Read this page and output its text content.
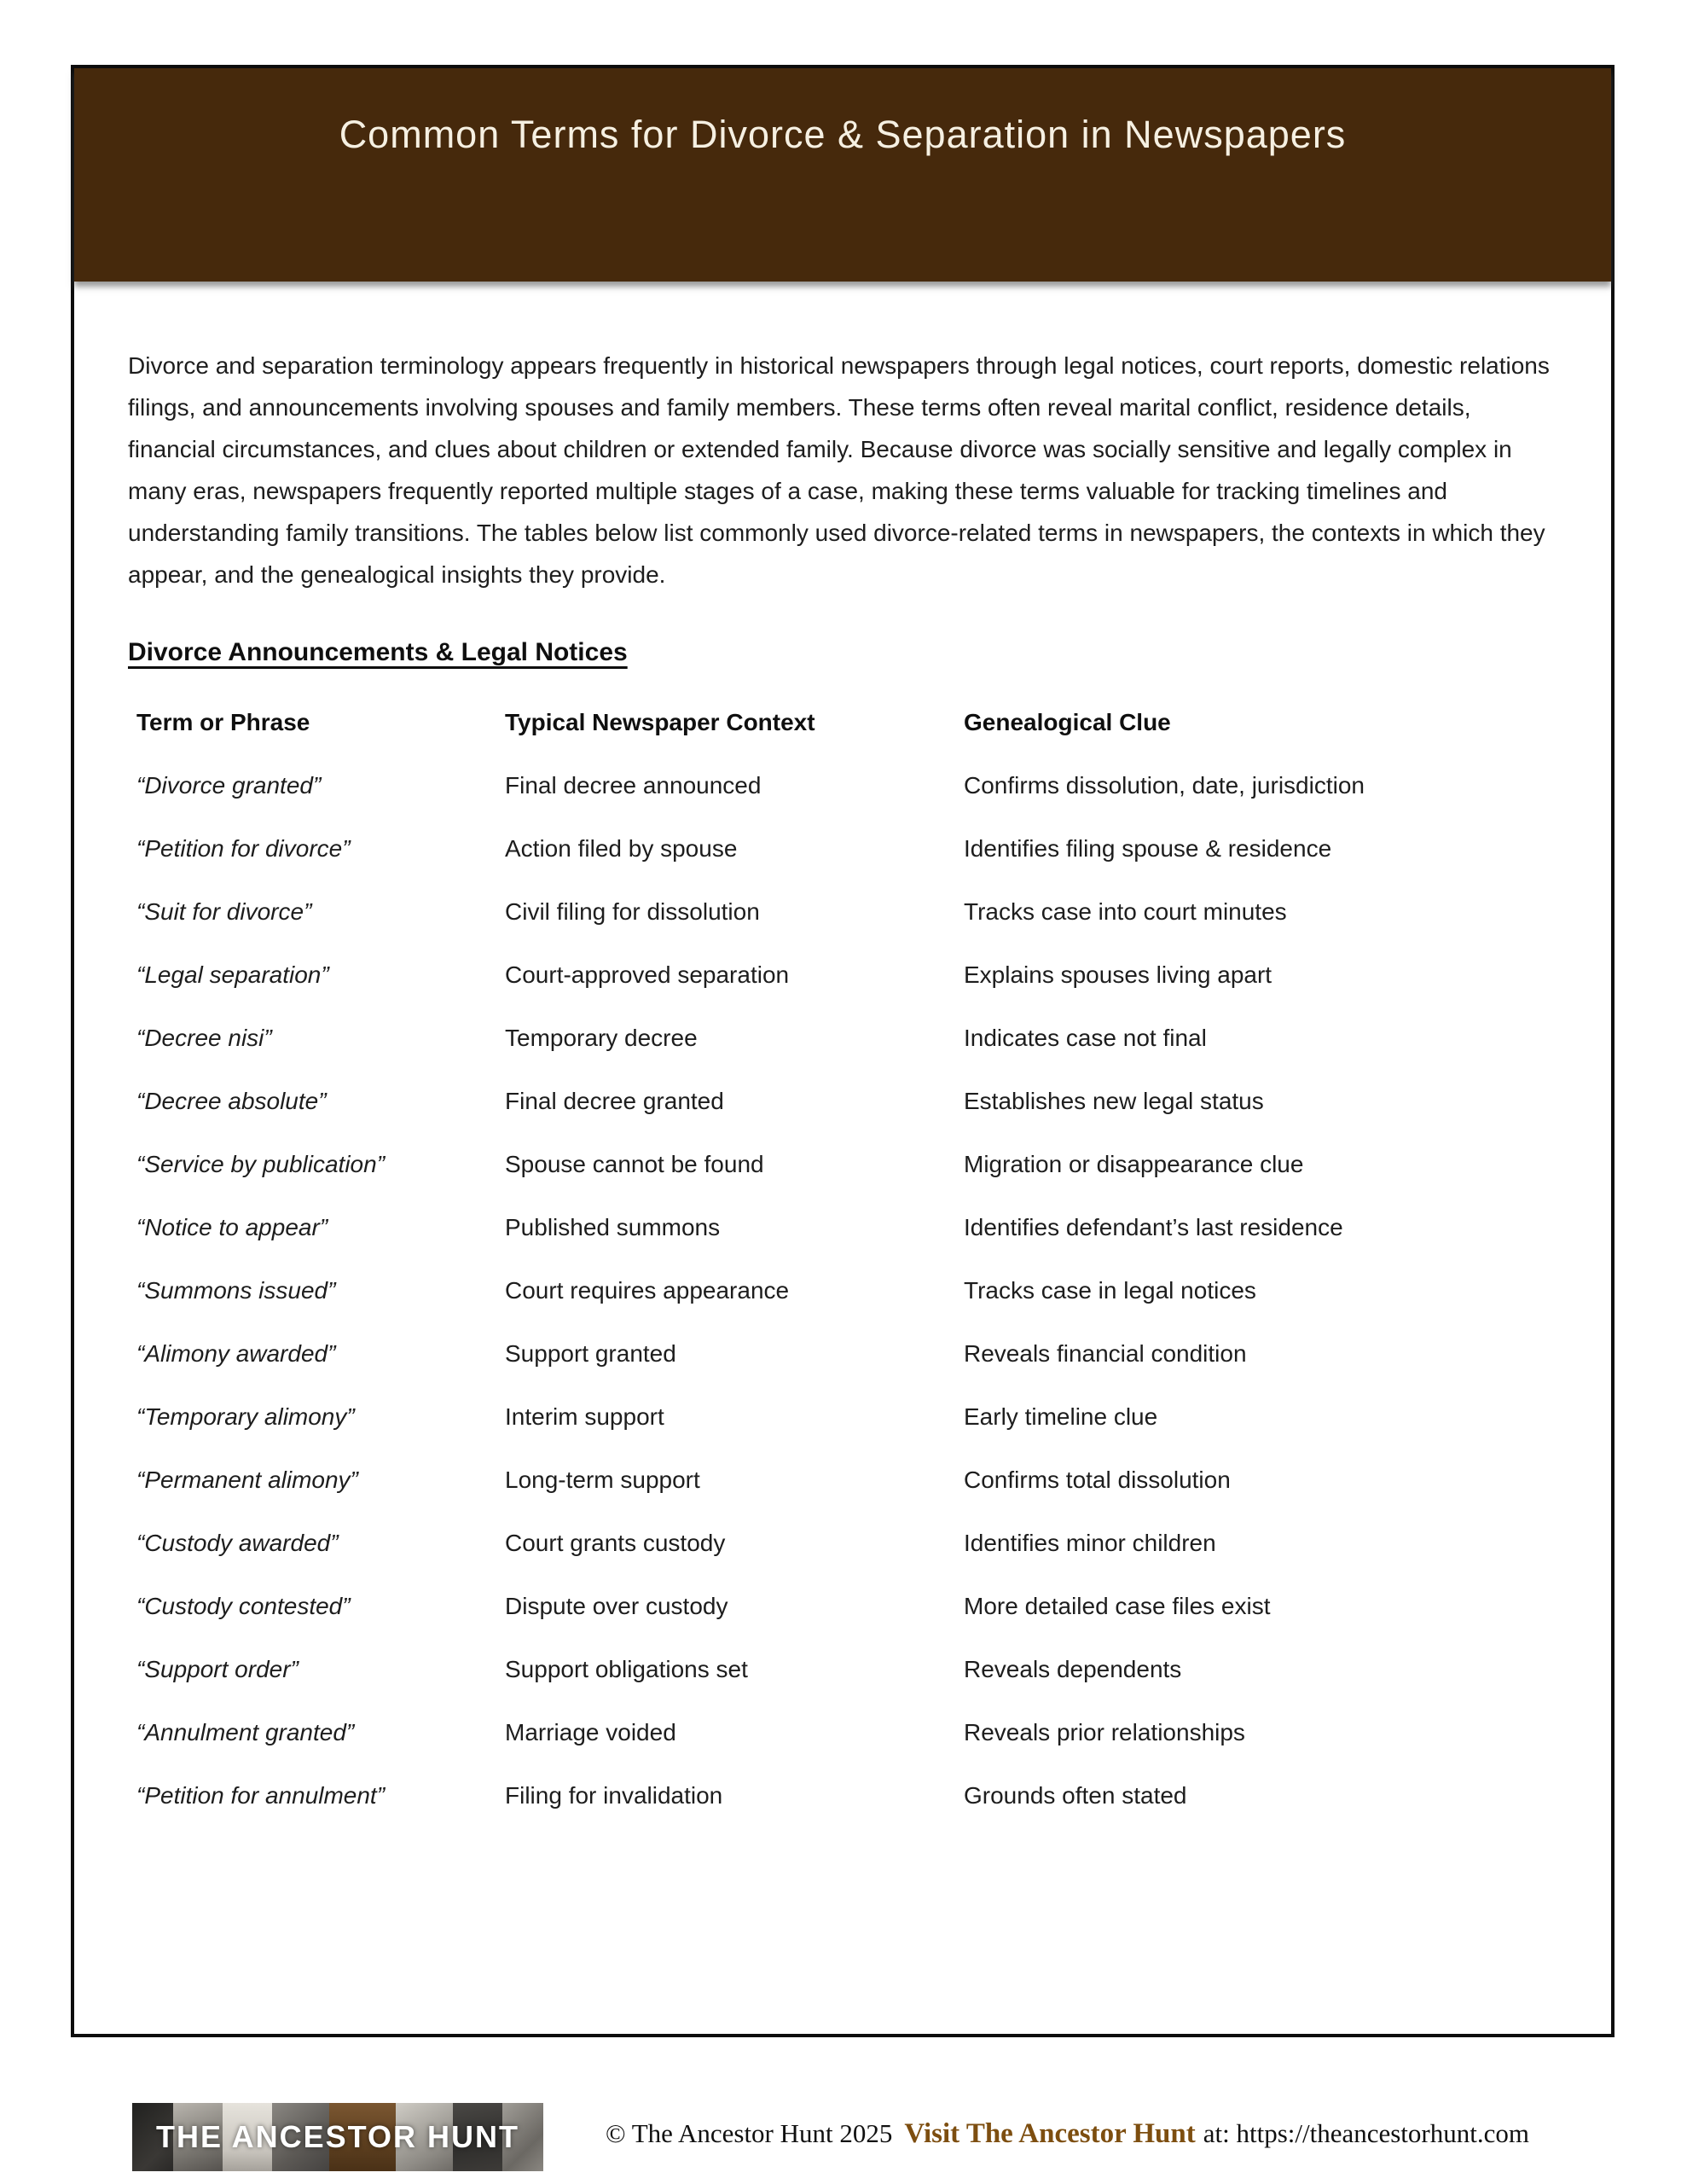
Common Terms for Divorce & Separation in Newspapers

Divorce and separation terminology appears frequently in historical newspapers through legal notices, court reports, domestic relations filings, and announcements involving spouses and family members. These terms often reveal marital conflict, residence details, financial circumstances, and clues about children or extended family. Because divorce was socially sensitive and legally complex in many eras, newspapers frequently reported multiple stages of a case, making these terms valuable for tracking timelines and understanding family transitions. The tables below list commonly used divorce-related terms in newspapers, the contexts in which they appear, and the genealogical insights they provide.

Divorce Announcements & Legal Notices
Term or Phrase	Typical Newspaper Context	Genealogical Clue
“Divorce granted”	Final decree announced	Confirms dissolution, date, jurisdiction
“Petition for divorce”	Action filed by spouse	Identifies filing spouse & residence
“Suit for divorce”	Civil filing for dissolution	Tracks case into court minutes
“Legal separation”	Court-approved separation	Explains spouses living apart
“Decree nisi”	Temporary decree	Indicates case not final
“Decree absolute”	Final decree granted	Establishes new legal status
“Service by publication”	Spouse cannot be found	Migration or disappearance clue
“Notice to appear”	Published summons	Identifies defendant’s last residence
“Summons issued”	Court requires appearance	Tracks case in legal notices
“Alimony awarded”	Support granted	Reveals financial condition
“Temporary alimony”	Interim support	Early timeline clue
“Permanent alimony”	Long-term support	Confirms total dissolution
“Custody awarded”	Court grants custody	Identifies minor children
“Custody contested”	Dispute over custody	More detailed case files exist
“Support order”	Support obligations set	Reveals dependents
“Annulment granted”	Marriage voided	Reveals prior relationships
“Petition for annulment”	Filing for invalidation	Grounds often stated
THE ANCESTOR HUNT	© The Ancestor Hunt 2025 Visit The Ancestor Hunt at: https://theancestorhunt.com
